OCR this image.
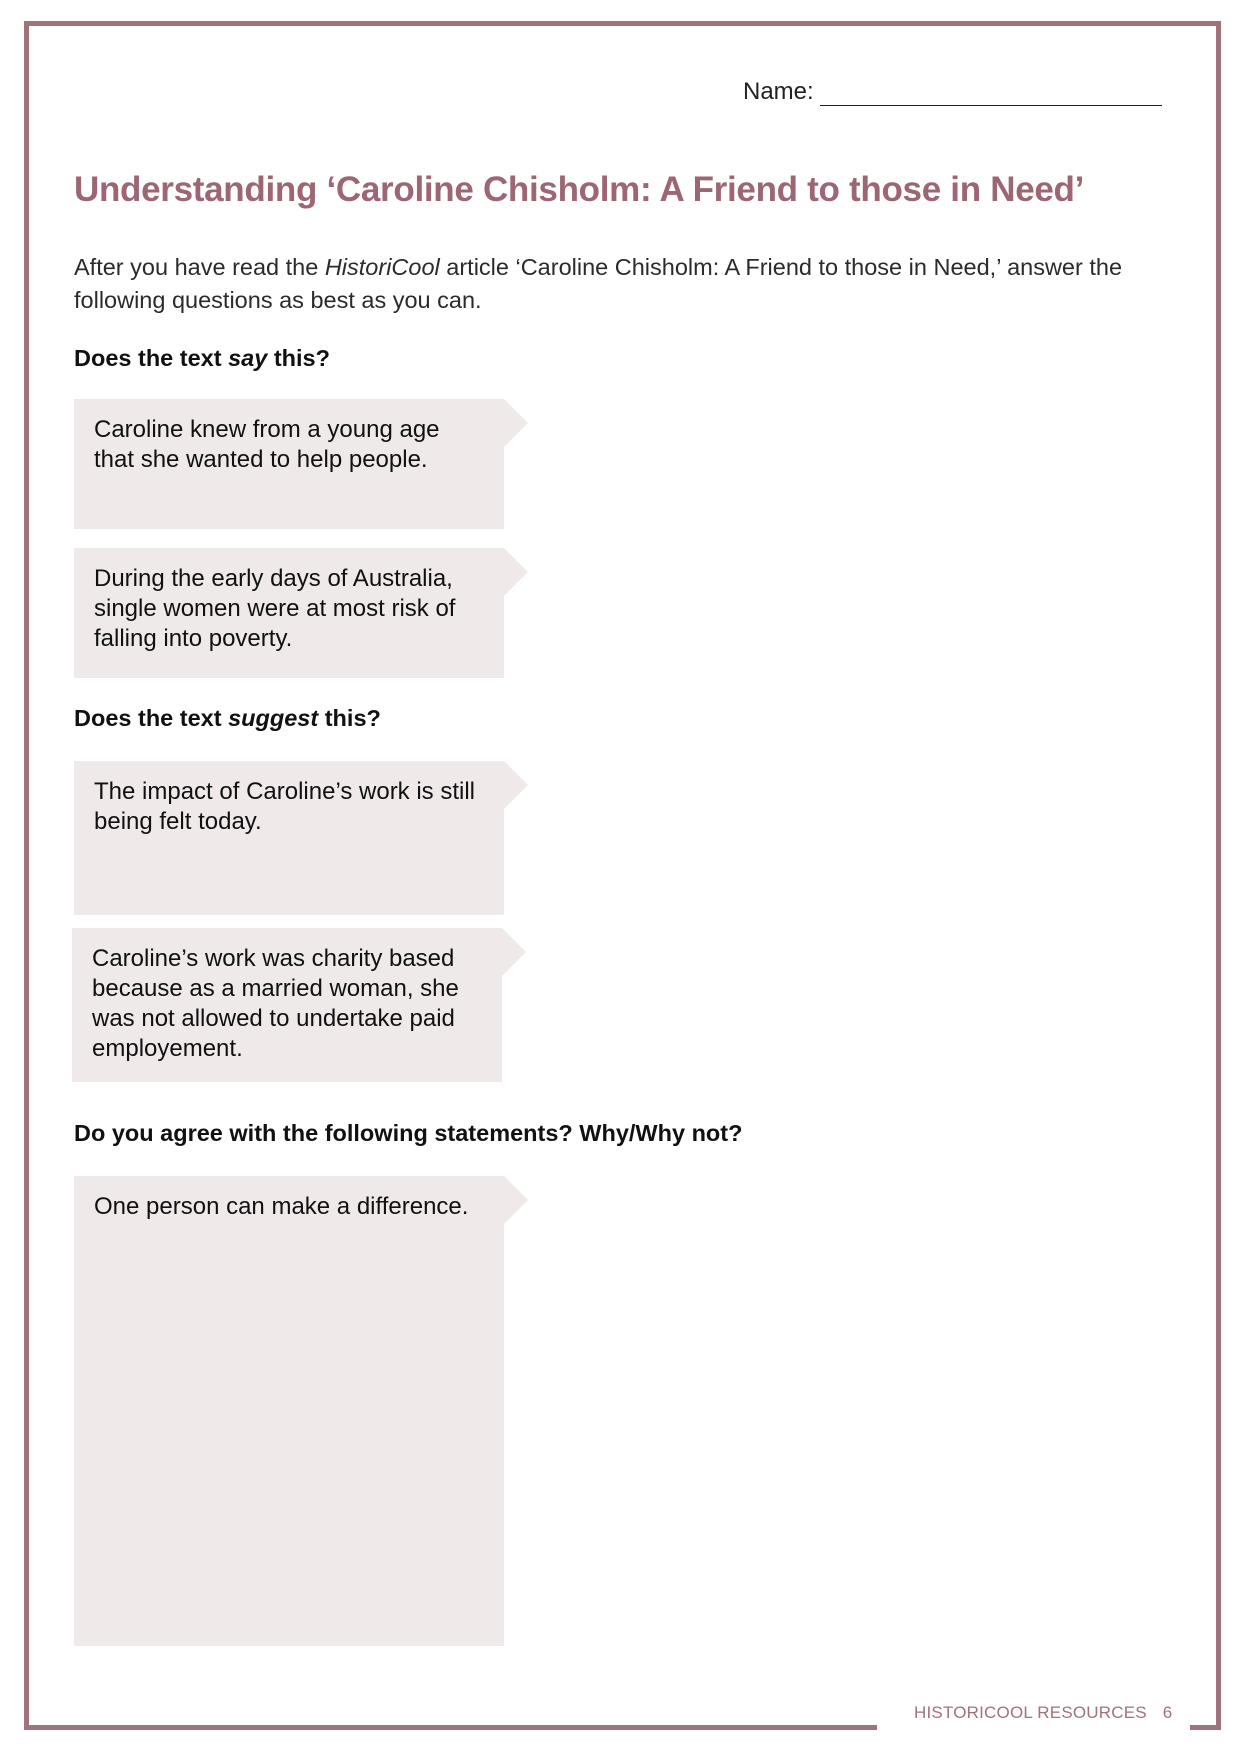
Name:
Understanding ‘Caroline Chisholm: A Friend to those in Need’

After you have read the HistoriCool article ‘Caroline Chisholm: A Friend to those in Need,’ answer the following questions as best as you can.

Does the text say this?
Caroline knew from a young age that she wanted to help people.
During the early days of Australia, single women were at most risk of falling into poverty.
Does the text suggest this?
The impact of Caroline’s work is still being felt today.
Caroline’s work was charity based because as a married woman, she was not allowed to undertake paid employement.
Do you agree with the following statements? Why/Why not?
One person can make a difference.
HISTORICOOL RESOURCES 6
